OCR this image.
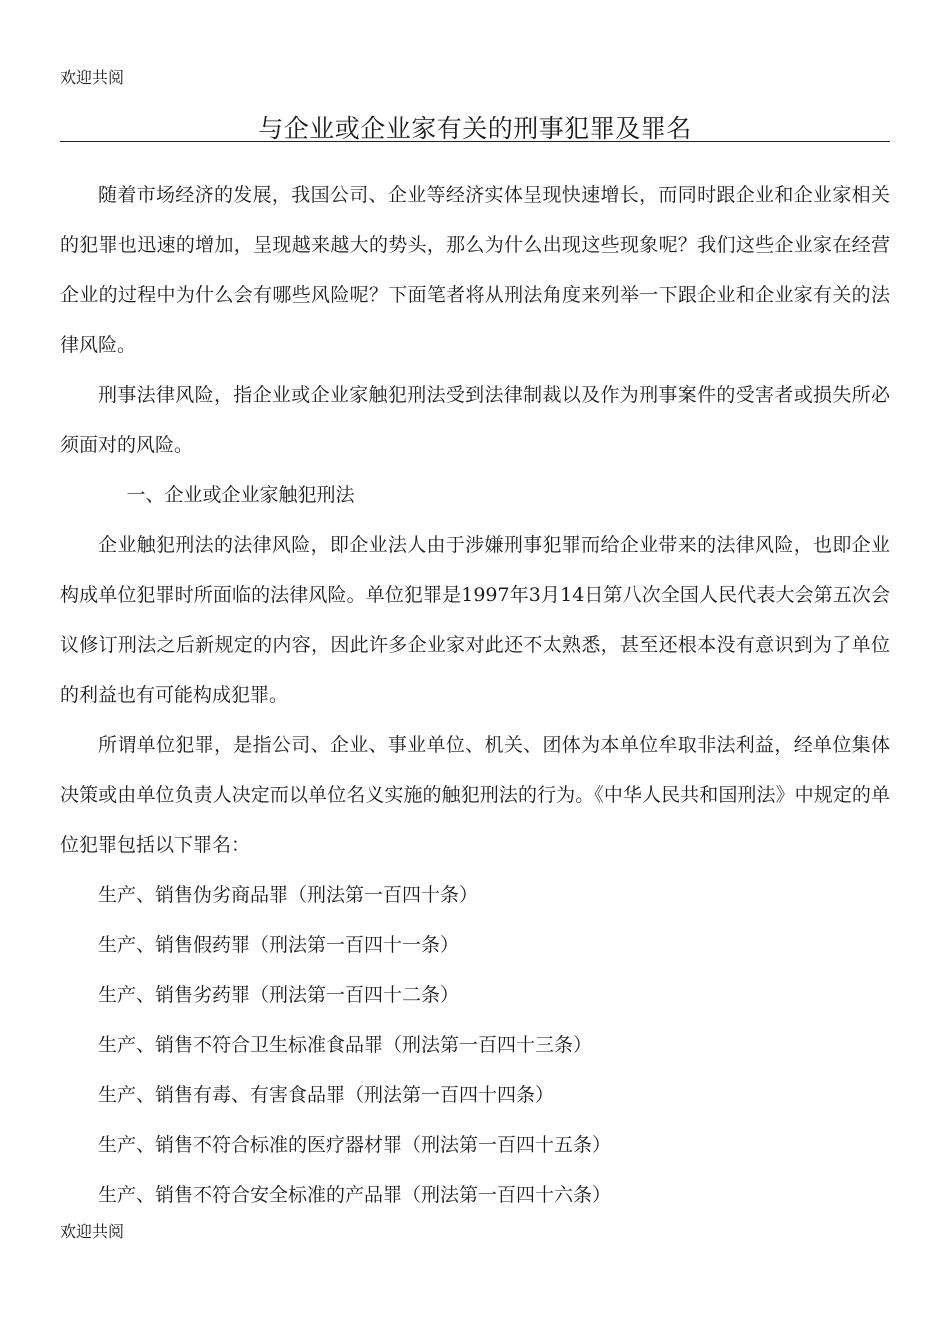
欢迎共阅
与企业或企业家有关的刑事犯罪及罪名

随着市场经济的发展，我国公司、企业等经济实体呈现快速增长，而同时跟企业和企业家相关的犯罪也迅速的增加，呈现越来越大的势头，那么为什么出现这些现象呢？我们这些企业家在经营企业的过程中为什么会有哪些风险呢？下面笔者将从刑法角度来列举一下跟企业和企业家有关的法律风险。

刑事法律风险，指企业或企业家触犯刑法受到法律制裁以及作为刑事案件的受害者或损失所必须面对的风险。

一、企业或企业家触犯刑法

企业触犯刑法的法律风险，即企业法人由于涉嫌刑事犯罪而给企业带来的法律风险，也即企业构成单位犯罪时所面临的法律风险。单位犯罪是1997年3月14日第八次全国人民代表大会第五次会议修订刑法之后新规定的内容，因此许多企业家对此还不太熟悉，甚至还根本没有意识到为了单位的利益也有可能构成犯罪。

所谓单位犯罪，是指公司、企业、事业单位、机关、团体为本单位牟取非法利益，经单位集体决策或由单位负责人决定而以单位名义实施的触犯刑法的行为。《中华人民共和国刑法》中规定的单位犯罪包括以下罪名：

生产、销售伪劣商品罪（刑法第一百四十条）

生产、销售假药罪（刑法第一百四十一条）

生产、销售劣药罪（刑法第一百四十二条）

生产、销售不符合卫生标准食品罪（刑法第一百四十三条）

生产、销售有毒、有害食品罪（刑法第一百四十四条）

生产、销售不符合标准的医疗器材罪（刑法第一百四十五条）

生产、销售不符合安全标准的产品罪（刑法第一百四十六条）

欢迎共阅
